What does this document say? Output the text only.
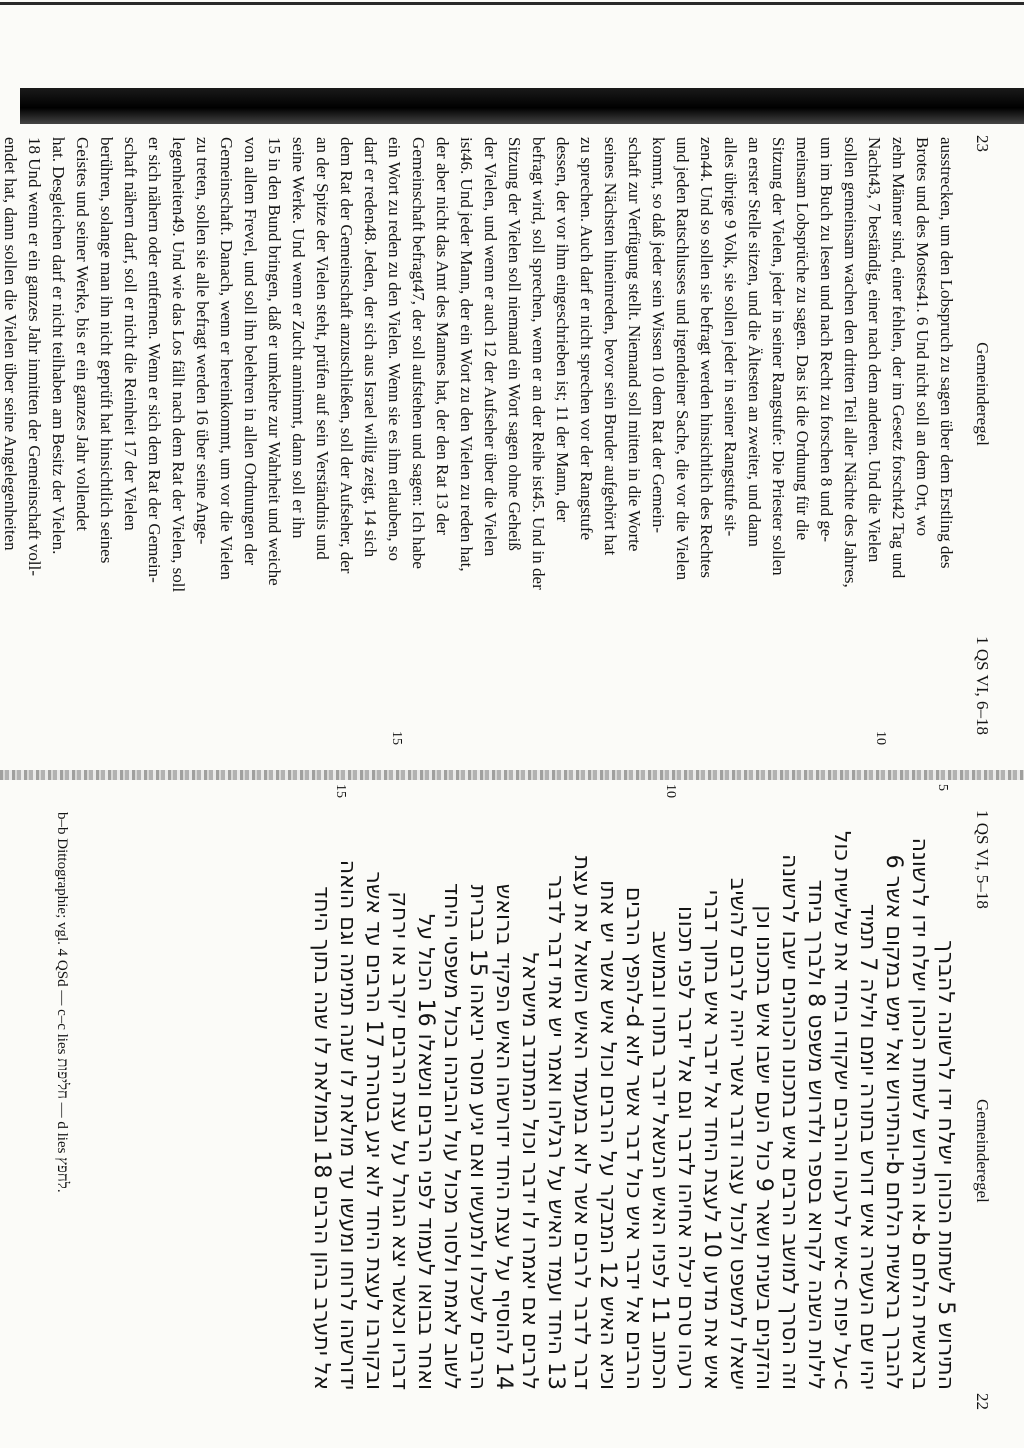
23
Gemeinderegel
1 QS VI, 6–18
10
15
ausstrecken, um den Lobspruch zu sagen über dem Erstling des
Brotes und des Mostes41. 6 Und nicht soll an dem Ort, wo
zehn Männer sind, einer fehlen, der im Gesetz forscht42 Tag und
Nacht43, 7 beständig, einer nach dem anderen. Und die Vielen
sollen gemeinsam wachen den dritten Teil aller Nächte des Jahres,
um im Buch zu lesen und nach Recht zu forschen 8 und ge-
meinsam Lobsprüche zu sagen. Das ist die Ordnung für die
Sitzung der Vielen, jeder in seiner Rangstufe: Die Priester sollen
an erster Stelle sitzen, und die Ältesten an zweiter, und dann
alles übrige 9 Volk, sie sollen jeder in seiner Rangstufe sit-
zen44. Und so sollen sie befragt werden hinsichtlich des Rechtes
und jeden Ratschlusses und irgendeiner Sache, die vor die Vielen
kommt, so daß jeder sein Wissen 10 dem Rat der Gemein-
schaft zur Verfügung stellt. Niemand soll mitten in die Worte
seines Nächsten hineinreden, bevor sein Bruder aufgehört hat
zu sprechen. Auch darf er nicht sprechen vor der Rangstufe
dessen, der vor ihm eingeschrieben ist; 11 der Mann, der
befragt wird, soll sprechen, wenn er an der Reihe ist45. Und in der
Sitzung der Vielen soll niemand ein Wort sagen ohne Geheiß
der Vielen, und wenn er auch 12 der Aufseher über die Vielen
ist46. Und jeder Mann, der ein Wort zu den Vielen zu reden hat,
der aber nicht das Amt des Mannes hat, der den Rat 13 der
Gemeinschaft befragt47, der soll aufstehen und sagen: Ich habe
ein Wort zu reden zu den Vielen. Wenn sie es ihm erlauben, so
darf er reden48. Jeden, der sich aus Israel willig zeigt, 14 sich
dem Rat der Gemeinschaft anzuschließen, soll der Aufseher, der
an der Spitze der Vielen steht, prüfen auf sein Verständnis und
seine Werke. Und wenn er Zucht annimmt, dann soll er ihn
15 in den Bund bringen, daß er umkehre zur Wahrheit und weiche
von allem Frevel, und soll ihn belehren in allen Ordnungen der
Gemeinschaft. Danach, wenn er hereinkommt, um vor die Vielen
zu treten, sollen sie alle befragt werden 16 über seine Ange-
legenheiten49. Und wie das Los fällt nach dem Rat der Vielen, soll
er sich nähern oder entfernen. Wenn er sich dem Rat der Gemein-
schaft nähern darf, soll er nicht die Reinheit 17 der Vielen
berühren, solange man ihn nicht geprüft hat hinsichtlich seines
Geistes und seiner Werke, bis er ein ganzes Jahr vollendet
hat. Desgleichen darf er nicht teilhaben am Besitz der Vielen.
18 Und wenn er ein ganzes Jahr inmitten der Gemeinschaft voll-
endet hat, dann sollen die Vielen über seine Angelegenheiten
1 QS VI, 5–18
Gemeinderegel
22
5
10
15
התירוש 5 לשתות הכוהן ישלח ידו לרשונה להברך
בראשית הלחם b-או התירוש לשתות הכוהן ישלח ידו לרשונה
להברך בראשית הלחם b-והתירוש ואל ימש במקום אשר 6
יהיו שם העשרה איש דורש בתורה יומם ולילה 7 תמיד
c-על יפות c-איש לרעהו והרבים ישקודו ביחד את שלישית כול
לילות השנה לקרוא בספר ולדרוש משפט 8 ולברך ביחד
וזה הסרך למושב הרבים איש בתכונו הכוהנים ישבו לרשונה
והזקנים בשנית ושאר 9 כול העם ישבו איש בתכונו וכן
ישאלו למשפט ולכול עצה ודבר אשר יהיה לרבים להשיב
איש את מדעו 10 לעצת היחד אל ידבר איש בתוך דברי
רעהו טרם יכלה אחיהו לדבר וגם אל ידבר לפני תכונו
הכתוב 11 לפניו האיש הנשאל ידבר בתורו ובמושב
הרבים אל ידבר איש כול דבר אשר לוא d-להפץ הרבים
וכיא האיש 12 המבקר על הרבים וכול איש אשר יש אתו
דבר לדבר לרבים אשר לוא במעמד האיש השואל את עצת
13 היחד ועמד האיש על רגליהו ואמר יש אתי דבר לדבר
לרבים אם יאמרו לו ידבר וכול המתנדב מישראל
14 להוסיף על עצת היחד ידורשהו האיש הפקיד ברואש
הרבים לשכלו ולמעשיו ואם יגיע מוסר יביאהו 15 בברית
לשוב לאמת ולסור מכול עול והבינהו בכול משפטי היחד
ואחר בבואו לעמוד לפני הרבים ונשאלו 16 הכול על
דבריו וכאשר יצא הגורל על עצת הרבים יקרב או ירחק
ובקורבו לעצת היחד לוא יגע בטהרת 17 הרבים עד אשר
ידורשהו לרוחו ומעשו עד מולאת לו שנה תמימה וגם הואה
אל יתערב בהון הרבים 18 ובמולאת לו שנה בתוך היחד
b–b Dittographie; vgl. 4 QSd — c–c lies חליפות — d lies לחפץ.
